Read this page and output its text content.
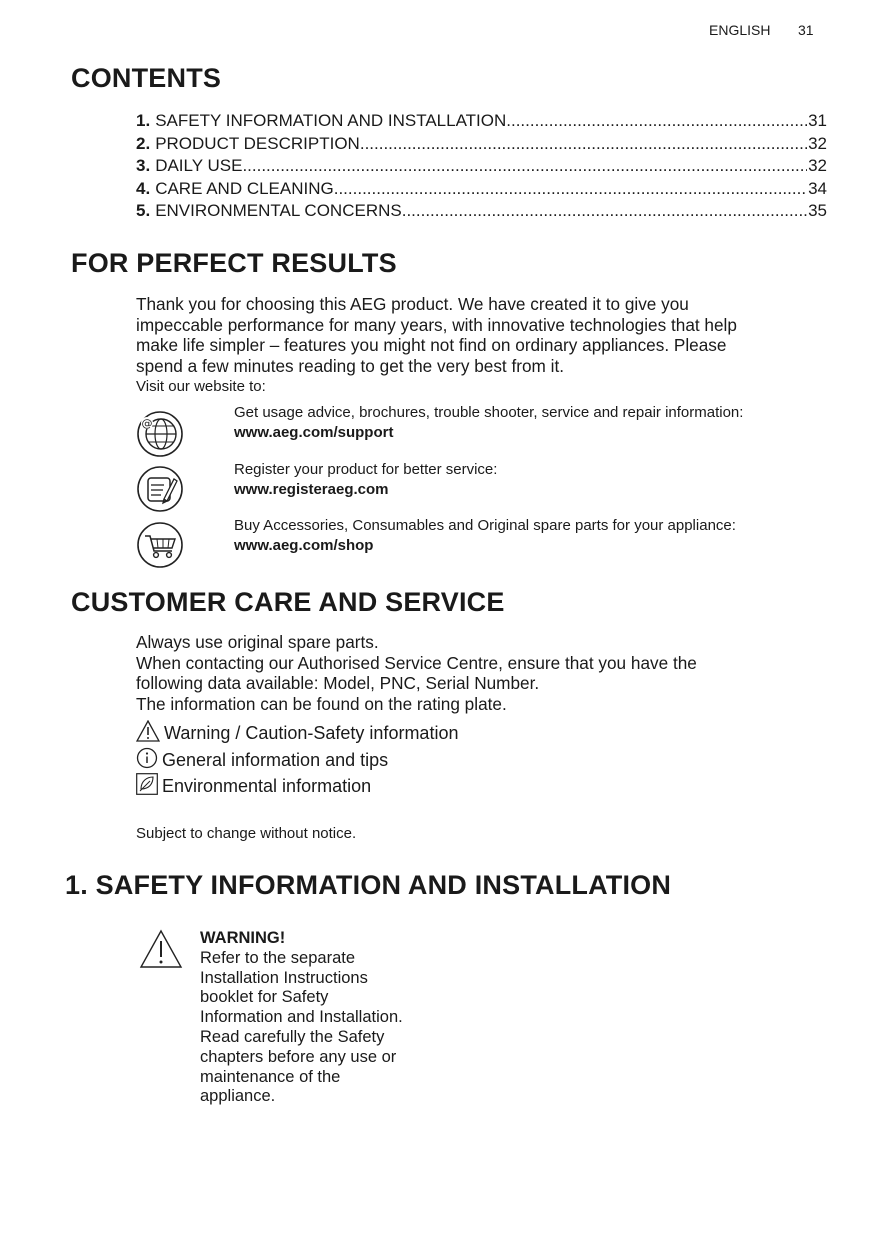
ENGLISH 31
CONTENTS
1. SAFETY INFORMATION AND INSTALLATION .....	31
2. PRODUCT DESCRIPTION .....	32
3. DAILY USE .....	32
4. CARE AND CLEANING .....	34
5. ENVIRONMENTAL CONCERNS .....	35
FOR PERFECT RESULTS
Thank you for choosing this AEG product. We have created it to give you
impeccable performance for many years, with innovative technologies that help
make life simpler – features you might not find on ordinary appliances. Please
spend a few minutes reading to get the very best from it.
Visit our website to:
@
Get usage advice, brochures, trouble shooter, service and repair information:
www.aeg.com/support
Register your product for better service:
www.registeraeg.com
Buy Accessories, Consumables and Original spare parts for your appliance:
www.aeg.com/shop
CUSTOMER CARE AND SERVICE
Always use original spare parts.
When contacting our Authorised Service Centre, ensure that you have the
following data available: Model, PNC, Serial Number.
The information can be found on the rating plate.
Warning / Caution-Safety information
General information and tips
Environmental information
Subject to change without notice.
1. SAFETY INFORMATION AND INSTALLATION
WARNING!
Refer to the separate
Installation Instructions
booklet for Safety
Information and Installation.
Read carefully the Safety
chapters before any use or
maintenance of the
appliance.
